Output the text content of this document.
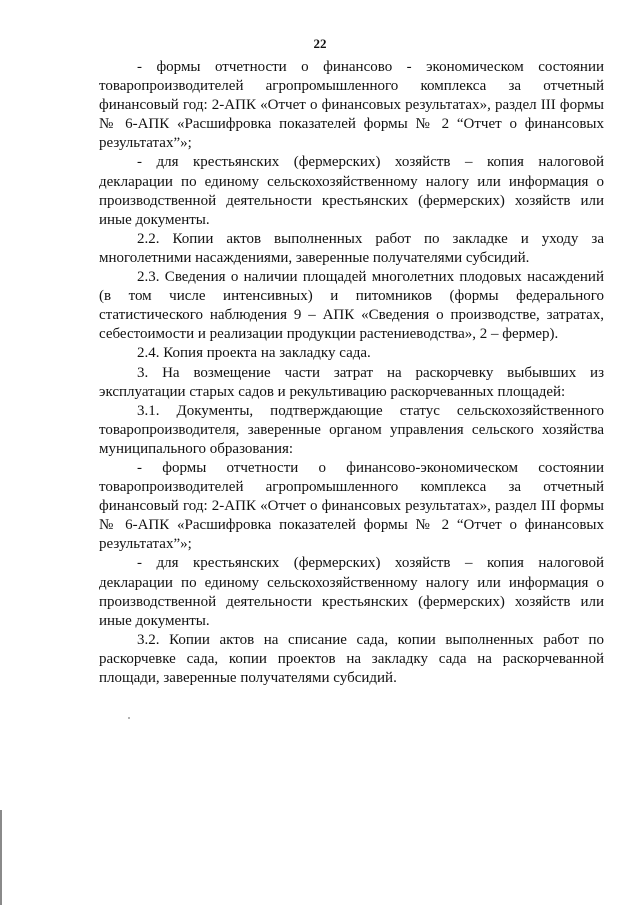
22

- формы отчетности о финансово - экономическом состоянии товаропроизводителей агропромышленного комплекса за отчетный финансовый год: 2-АПК «Отчет о финансовых результатах», раздел III формы № 6-АПК «Расшифровка показателей формы № 2 “Отчет о финансовых результатах”»;

- для крестьянских (фермерских) хозяйств – копия налоговой декларации по единому сельскохозяйственному налогу или информация о производственной деятельности крестьянских (фермерских) хозяйств или иные документы.

2.2. Копии актов выполненных работ по закладке и уходу за многолетними насаждениями, заверенные получателями субсидий.

2.3. Сведения о наличии площадей многолетних плодовых насаждений (в том числе интенсивных) и питомников (формы федерального статистического наблюдения 9 – АПК «Сведения о производстве, затратах, себестоимости и реализации продукции растениеводства», 2 – фермер).

2.4. Копия проекта на закладку сада.

3. На возмещение части затрат на раскорчевку выбывших из эксплуатации старых садов и рекультивацию раскорчеванных площадей:

3.1. Документы, подтверждающие статус сельскохозяйственного товаропроизводителя, заверенные органом управления сельского хозяйства муниципального образования:

- формы отчетности о финансово-экономическом состоянии товаропроизводителей агропромышленного комплекса за отчетный финансовый год: 2-АПК «Отчет о финансовых результатах», раздел III формы № 6-АПК «Расшифровка показателей формы № 2 “Отчет о финансовых результатах”»;

- для крестьянских (фермерских) хозяйств – копия налоговой декларации по единому сельскохозяйственному налогу или информация о производственной деятельности крестьянских (фермерских) хозяйств или иные документы.

3.2. Копии актов на списание сада, копии выполненных работ по раскорчевке сада, копии проектов на закладку сада на раскорчеванной площади, заверенные получателями субсидий.
